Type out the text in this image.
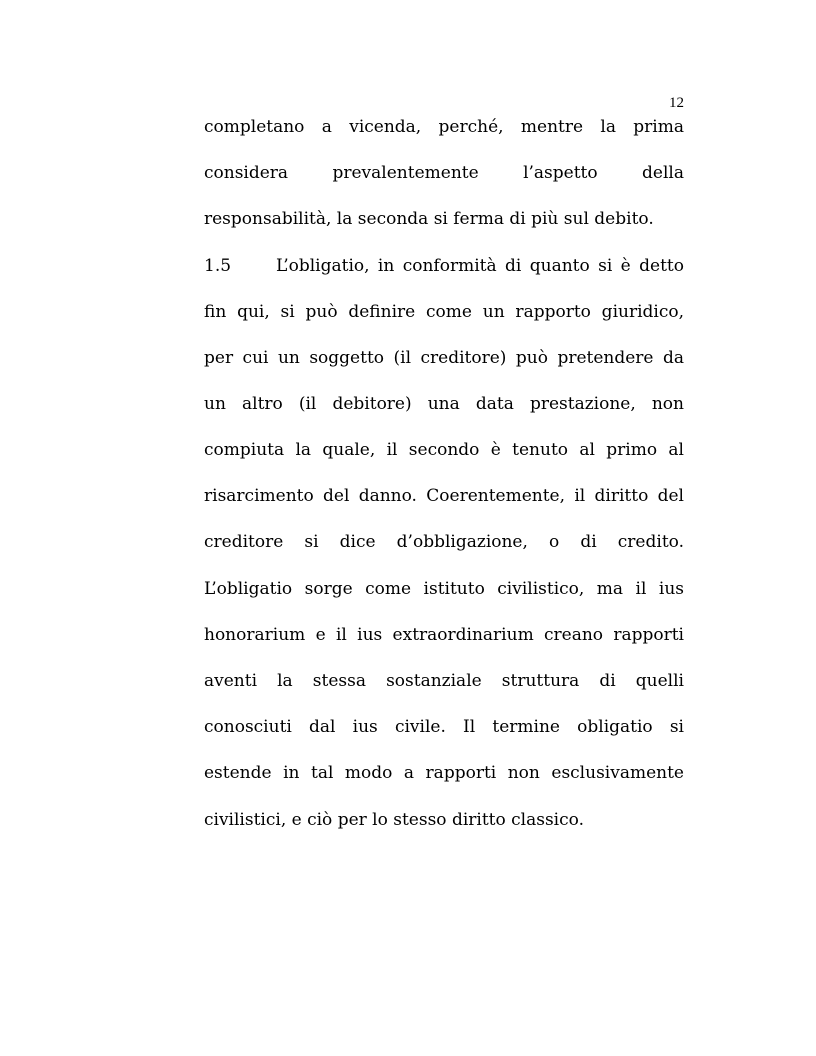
12
completano a vicenda, perché, mentre la prima
considera prevalentemente l’aspetto della
responsabilità, la seconda si ferma di più sul debito.
1.5	L’obligatio, in conformità di quanto si è detto
fin qui, si può definire come un rapporto giuridico,
per cui un soggetto (il creditore) può pretendere da
un altro (il debitore) una data prestazione, non
compiuta la quale, il secondo è tenuto al primo al
risarcimento del danno. Coerentemente, il diritto del
creditore si dice d’obbligazione, o di credito.
L’obligatio sorge come istituto civilistico, ma il ius
honorarium e il ius extraordinarium creano rapporti
aventi la stessa sostanziale struttura di quelli
conosciuti dal ius civile. Il termine obligatio si
estende in tal modo a rapporti non esclusivamente
civilistici, e ciò per lo stesso diritto classico.
